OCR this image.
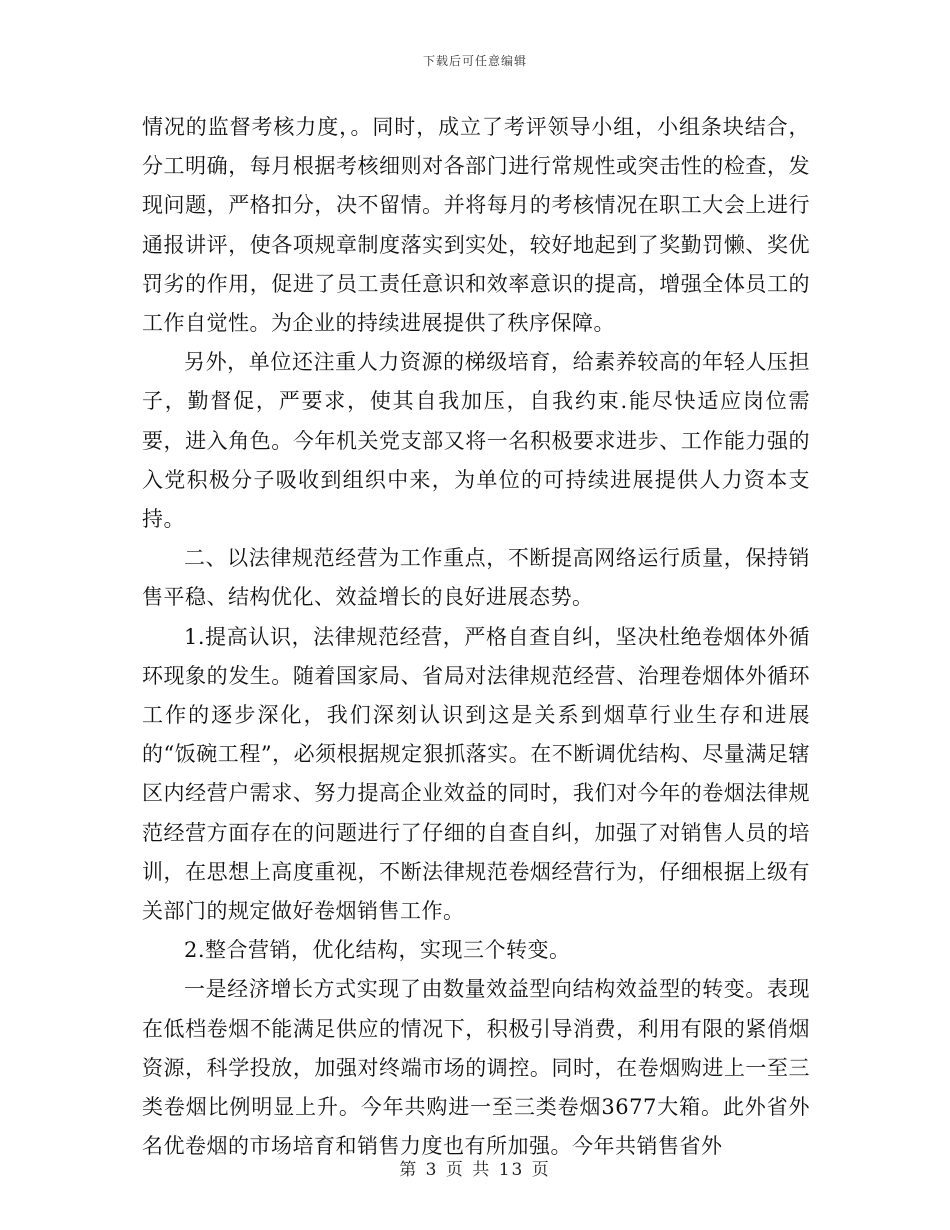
下载后可任意编辑

情况的监督考核力度，。同时，成立了考评领导小组，小组条块结合，分工明确，每月根据考核细则对各部门进行常规性或突击性的检查，发现问题，严格扣分，决不留情。并将每月的考核情况在职工大会上进行通报讲评，使各项规章制度落实到实处，较好地起到了奖勤罚懒、奖优罚劣的作用，促进了员工责任意识和效率意识的提高，增强全体员工的工作自觉性。为企业的持续进展提供了秩序保障。

另外，单位还注重人力资源的梯级培育，给素养较高的年轻人压担子，勤督促，严要求，使其自我加压，自我约束.能尽快适应岗位需要，进入角色。今年机关党支部又将一名积极要求进步、工作能力强的入党积极分子吸收到组织中来，为单位的可持续进展提供人力资本支持。

二、以法律规范经营为工作重点，不断提高网络运行质量，保持销售平稳、结构优化、效益增长的良好进展态势。

1.提高认识，法律规范经营，严格自查自纠，坚决杜绝卷烟体外循环现象的发生。随着国家局、省局对法律规范经营、治理卷烟体外循环工作的逐步深化，我们深刻认识到这是关系到烟草行业生存和进展的“饭碗工程”，必须根据规定狠抓落实。在不断调优结构、尽量满足辖区内经营户需求、努力提高企业效益的同时，我们对今年的卷烟法律规范经营方面存在的问题进行了仔细的自查自纠，加强了对销售人员的培训，在思想上高度重视，不断法律规范卷烟经营行为，仔细根据上级有关部门的规定做好卷烟销售工作。

2.整合营销，优化结构，实现三个转变。

一是经济增长方式实现了由数量效益型向结构效益型的转变。表现在低档卷烟不能满足供应的情况下，积极引导消费，利用有限的紧俏烟资源，科学投放，加强对终端市场的调控。同时，在卷烟购进上一至三类卷烟比例明显上升。今年共购进一至三类卷烟3677大箱。此外省外名优卷烟的市场培育和销售力度也有所加强。今年共销售省外

第 3 页 共 13 页
